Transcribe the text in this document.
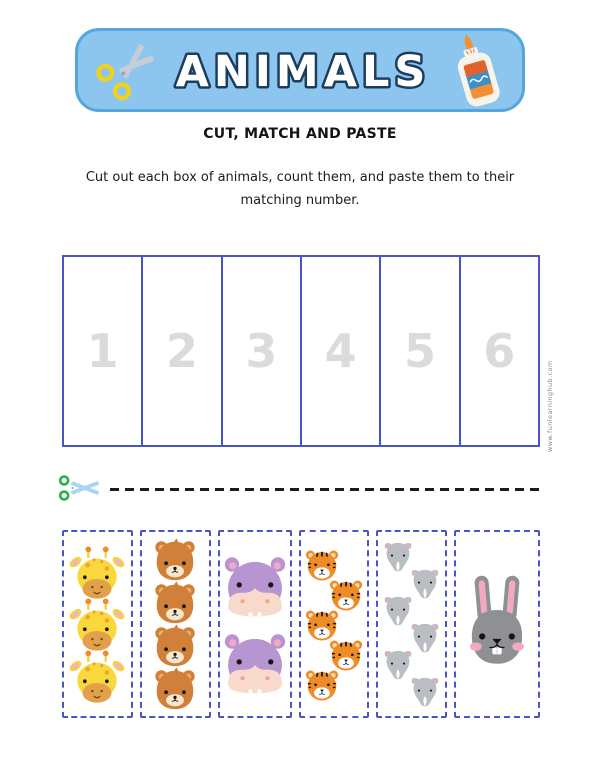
ANIMALS
CUT, MATCH AND PASTE
Cut out each box of animals, count them, and paste them to their matching number.
1 2 3 4 5 6
www.funlearninghub.com
